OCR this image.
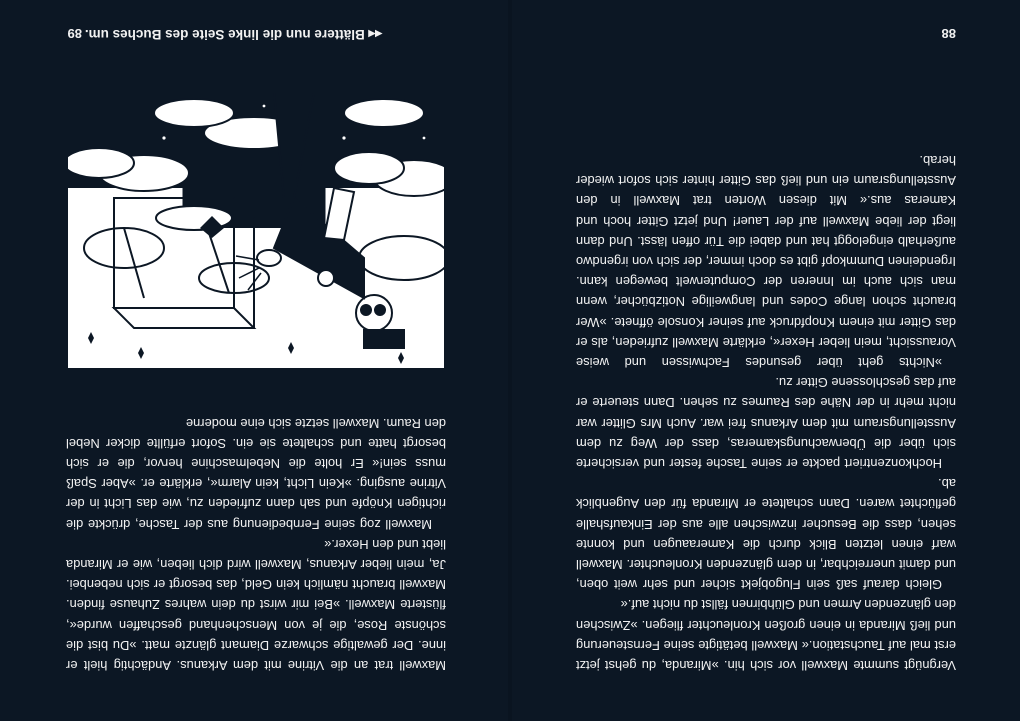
88

Vergnügt summte Maxwell vor sich hin. »Miranda, du gehst jetzt erst mal auf Tauchstation.« Maxwell betätigte seine Fernsteuerung und ließ Miranda in einen großen Kronleuchter fliegen. »Zwischen den glänzenden Armen und Glühbirnen fällst du nicht auf.«

Gleich darauf saß sein Flugobjekt sicher und sehr weit oben, und damit unerreichbar, in dem glänzenden Kronleuchter. Maxwell warf einen letzten Blick durch die Kameraaugen und konnte sehen, dass die Besucher inzwischen alle aus der Einkaufshalle geflüchtet waren. Dann schaltete er Miranda für den Augenblick ab.

Hochkonzentriert packte er seine Tasche fester und versicherte sich über die Überwachungskameras, dass der Weg zu dem Ausstellungsraum mit dem Arkanus frei war. Auch Mrs Glitter war nicht mehr in der Nähe des Raumes zu sehen. Dann steuerte er auf das geschlossene Gitter zu.

»Nichts geht über gesundes Fachwissen und weise Voraussicht, mein lieber Hexer«, erklärte Maxwell zufrieden, als er das Gitter mit einem Knopfdruck auf seiner Konsole öffnete. »Wer braucht schon lange Codes und langweilige Notizbücher, wenn man sich auch im Inneren der Computerwelt bewegen kann. Irgendeinen Dummkopf gibt es doch immer, der sich von irgendwo außerhalb eingeloggt hat und dabei die Tür offen lässt. Und dann liegt der liebe Maxwell auf der Lauer! Und jetzt Gitter hoch und Kameras aus.« Mit diesen Worten trat Maxwell in den Ausstellungsraum ein und ließ das Gitter hinter sich sofort wieder herab.

Maxwell trat an die Vitrine mit dem Arkanus. Andächtig hielt er inne. Der gewaltige schwarze Diamant glänzte matt. »Du bist die schönste Rose, die je von Menschenhand geschaffen wurde«, flüsterte Maxwell. »Bei mir wirst du dein wahres Zuhause finden. Maxwell braucht nämlich kein Geld, das besorgt er sich nebenbei. Ja, mein lieber Arkanus, Maxwell wird dich lieben, wie er Miranda liebt und den Hexer.«

Maxwell zog seine Fernbedienung aus der Tasche, drückte die richtigen Knöpfe und sah dann zufrieden zu, wie das Licht in der Vitrine ausging. »Kein Licht, kein Alarm«, erklärte er. »Aber Spaß muss sein!« Er holte die Nebelmaschine hervor, die er sich besorgt hatte und schaltete sie ein. Sofort erfüllte dicker Nebel den Raum. Maxwell setzte sich eine moderne

◂◂ Blättere nun die linke Seite des Buches um.
89
